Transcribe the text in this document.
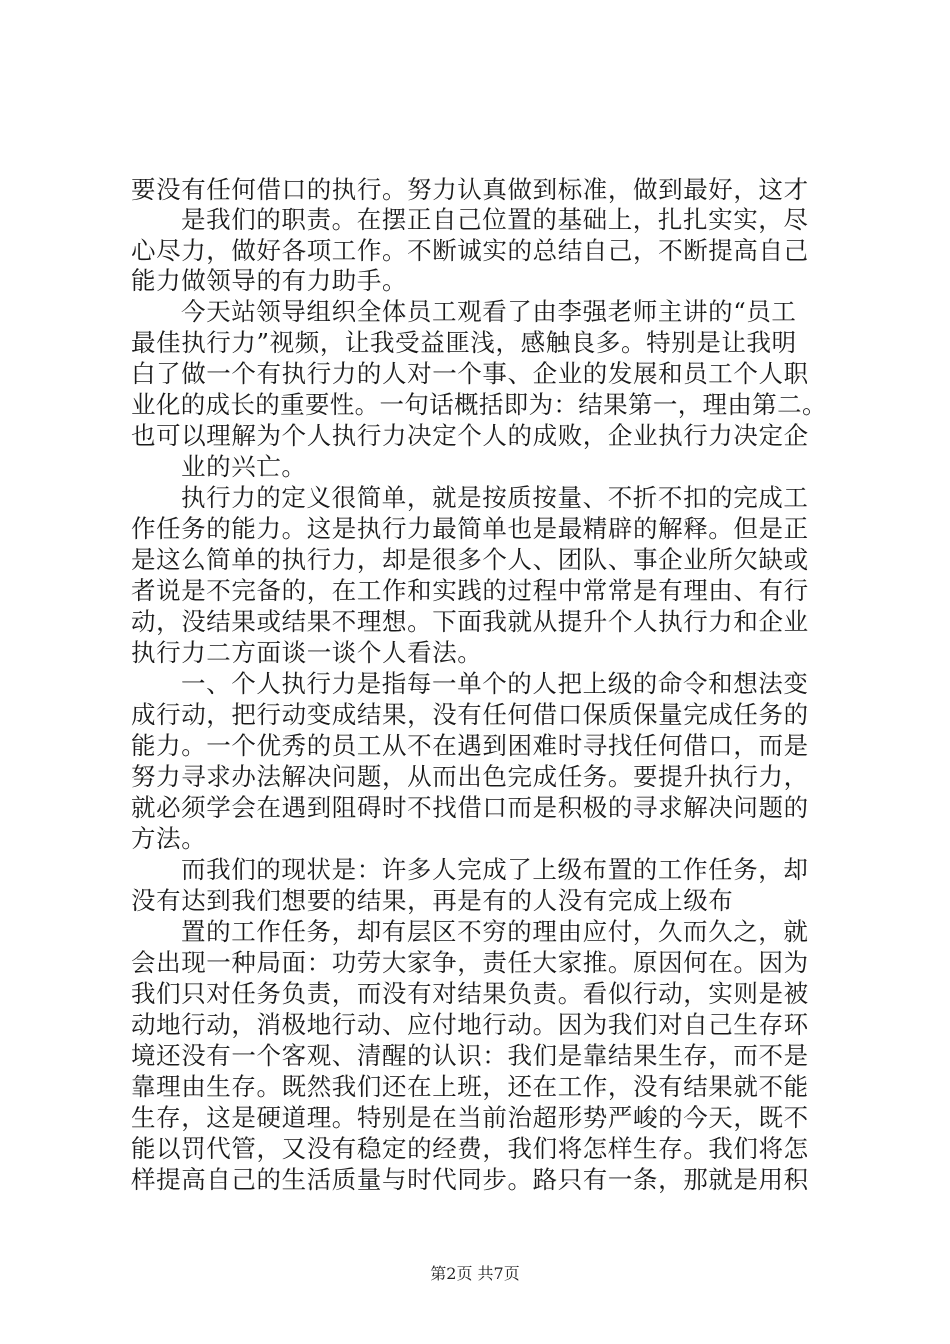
要没有任何借口的执行。努力认真做到标准，做到最好，这才
是我们的职责。在摆正自己位置的基础上，扎扎实实，尽
心尽力，做好各项工作。不断诚实的总结自己，不断提高自己
能力做领导的有力助手。
今天站领导组织全体员工观看了由李强老师主讲的“员工
最佳执行力”视频，让我受益匪浅，感触良多。特别是让我明
白了做一个有执行力的人对一个事、企业的发展和员工个人职
业化的成长的重要性。一句话概括即为：结果第一，理由第二。
也可以理解为个人执行力决定个人的成败，企业执行力决定企
业的兴亡。
执行力的定义很简单，就是按质按量、不折不扣的完成工
作任务的能力。这是执行力最简单也是最精辟的解释。但是正
是这么简单的执行力，却是很多个人、团队、事企业所欠缺或
者说是不完备的，在工作和实践的过程中常常是有理由、有行
动，没结果或结果不理想。下面我就从提升个人执行力和企业
执行力二方面谈一谈个人看法。
一、个人执行力是指每一单个的人把上级的命令和想法变
成行动，把行动变成结果，没有任何借口保质保量完成任务的
能力。一个优秀的员工从不在遇到困难时寻找任何借口，而是
努力寻求办法解决问题，从而出色完成任务。要提升执行力，
就必须学会在遇到阻碍时不找借口而是积极的寻求解决问题的
方法。
而我们的现状是：许多人完成了上级布置的工作任务，却
没有达到我们想要的结果，再是有的人没有完成上级布
置的工作任务，却有层区不穷的理由应付，久而久之，就
会出现一种局面：功劳大家争，责任大家推。原因何在。因为
我们只对任务负责，而没有对结果负责。看似行动，实则是被
动地行动，消极地行动、应付地行动。因为我们对自己生存环
境还没有一个客观、清醒的认识：我们是靠结果生存，而不是
靠理由生存。既然我们还在上班，还在工作，没有结果就不能
生存，这是硬道理。特别是在当前治超形势严峻的今天，既不
能以罚代管，又没有稳定的经费，我们将怎样生存。我们将怎
样提高自己的生活质量与时代同步。路只有一条，那就是用积
第2页 共7页
